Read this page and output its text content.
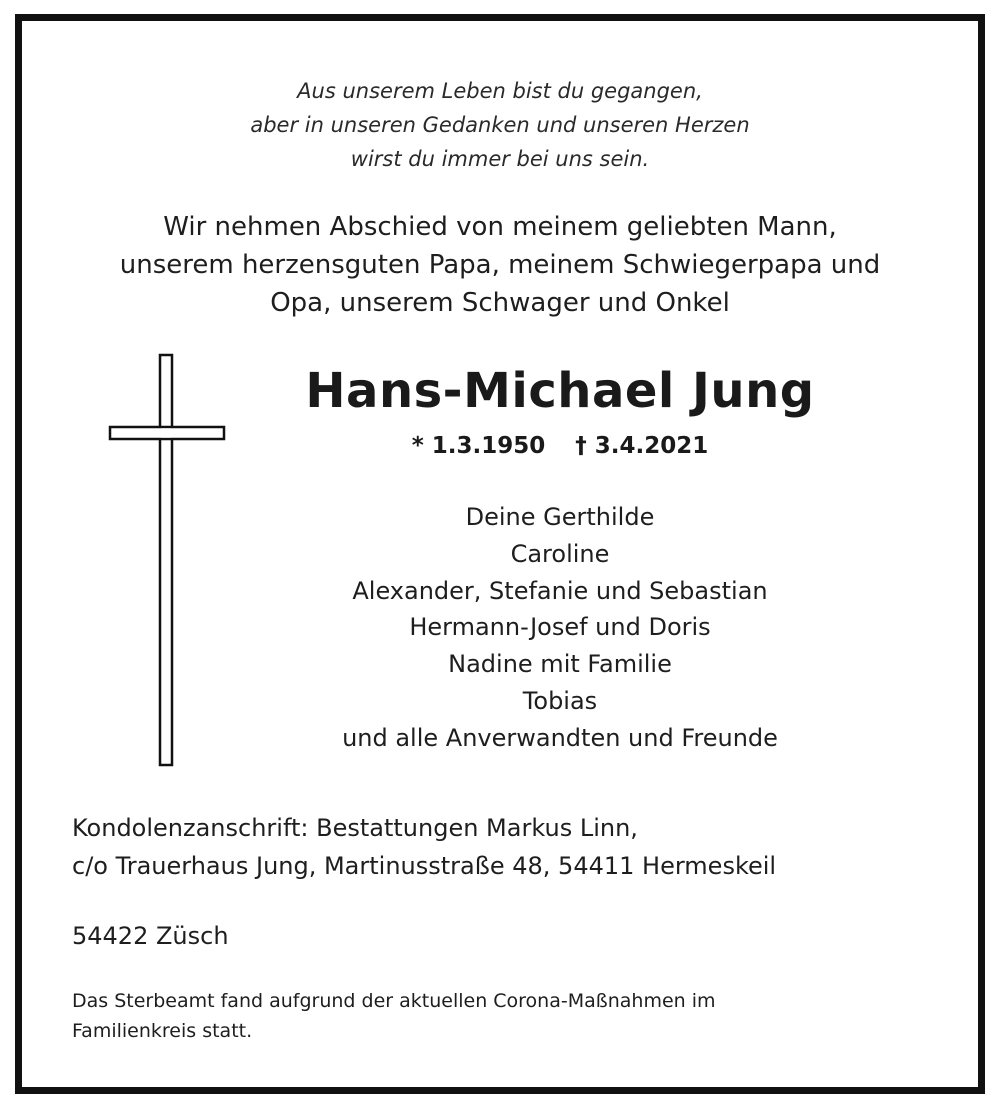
Aus unserem Leben bist du gegangen,
aber in unseren Gedanken und unseren Herzen
wirst du immer bei uns sein.

Wir nehmen Abschied von meinem geliebten Mann,
unserem herzensguten Papa, meinem Schwiegerpapa und
Opa, unserem Schwager und Onkel

Hans-Michael Jung

* 1.3.1950 † 3.4.2021

Deine Gerthilde
Caroline
Alexander, Stefanie und Sebastian
Hermann-Josef und Doris
Nadine mit Familie
Tobias
und alle Anverwandten und Freunde

Kondolenzanschrift: Bestattungen Markus Linn,
c/o Trauerhaus Jung, Martinusstraße 48, 54411 Hermeskeil

54422 Züsch

Das Sterbeamt fand aufgrund der aktuellen Corona-Maßnahmen im
Familienkreis statt.
